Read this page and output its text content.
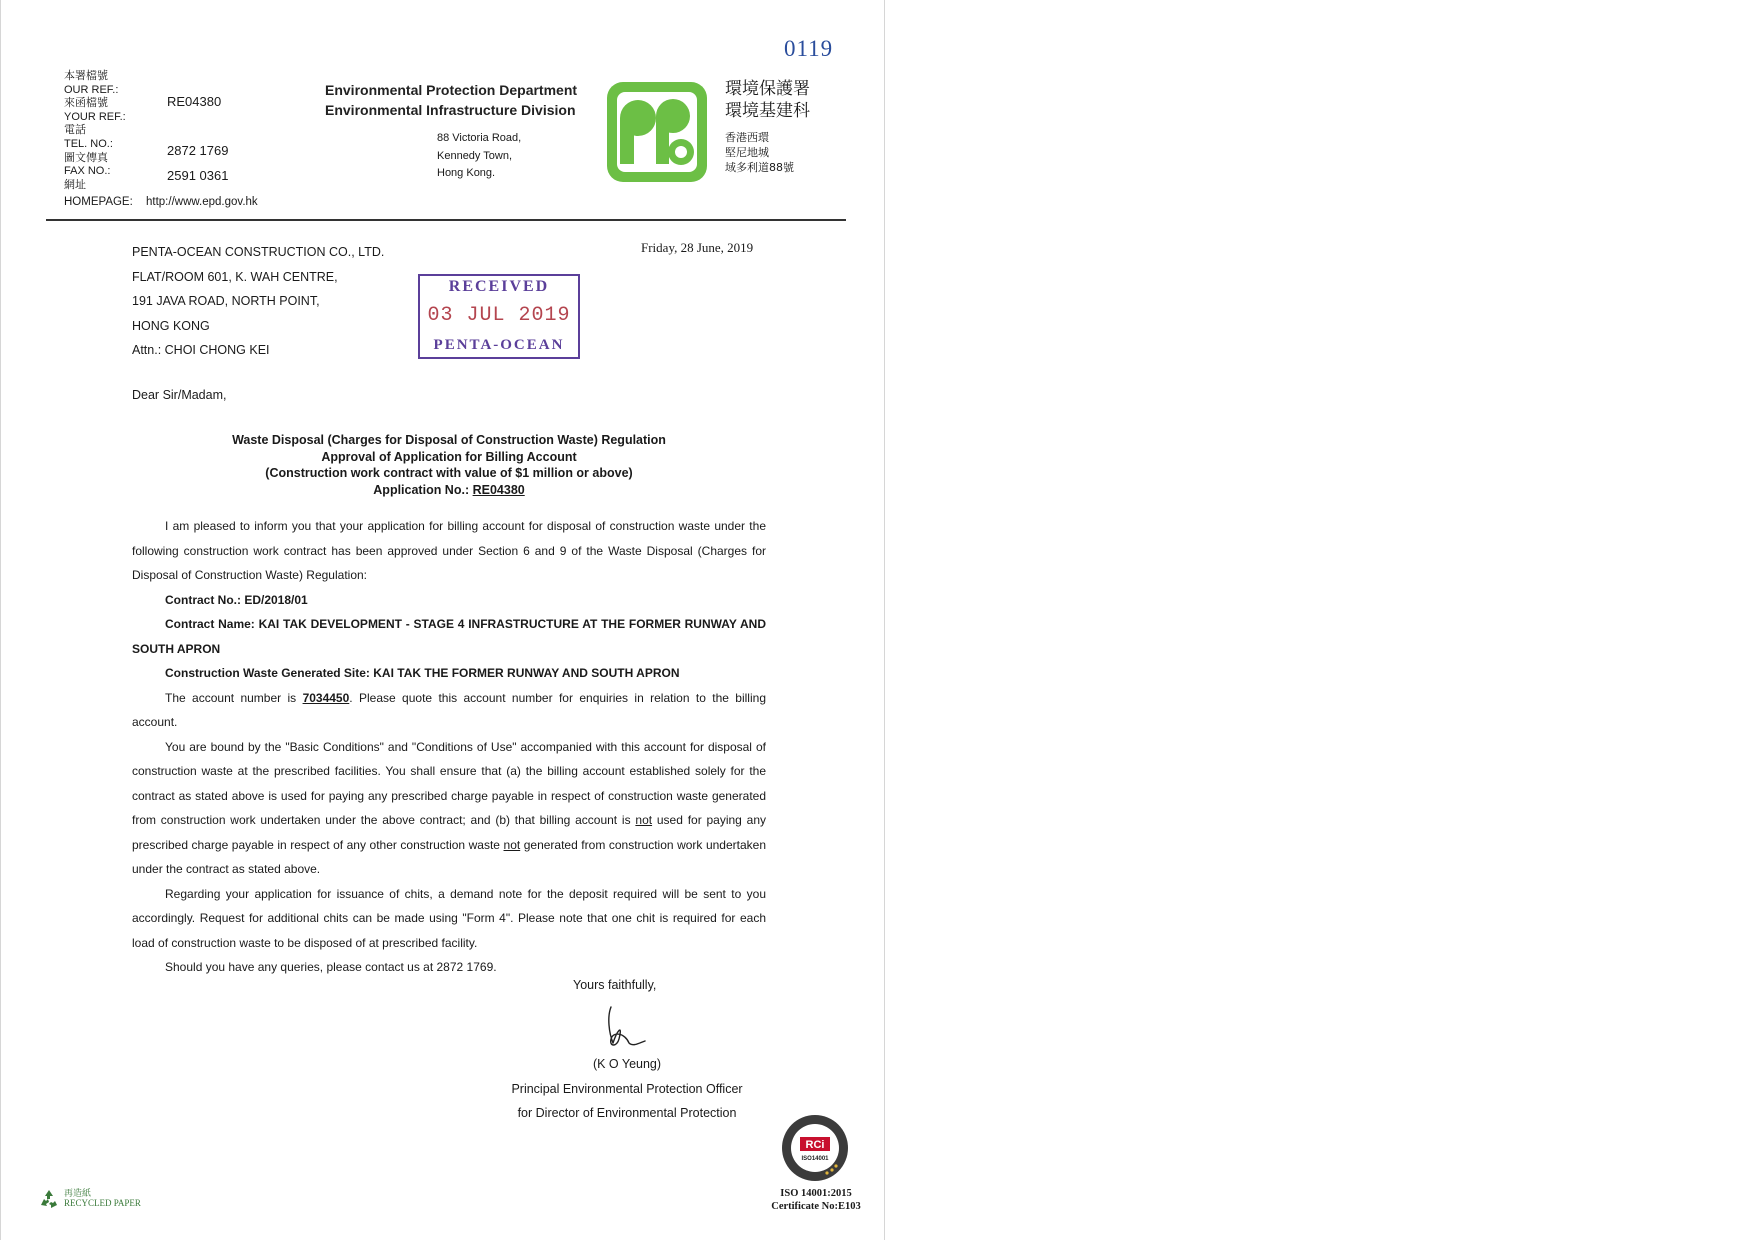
0119
本署檔號
OUR REF.:
來函檔號
YOUR REF.:
電話
TEL. NO.:
圖文傳真
FAX NO.:
網址
RE04380
2872 1769
2591 0361
HOMEPAGE: http://www.epd.gov.hk
Environmental Protection Department
Environmental Infrastructure Division
88 Victoria Road,
Kennedy Town,
Hong Kong.
環境保護署
環境基建科
香港西環
堅尼地城
域多利道88號
PENTA-OCEAN CONSTRUCTION CO., LTD.
FLAT/ROOM 601, K. WAH CENTRE,
191 JAVA ROAD, NORTH POINT,
HONG KONG
Attn.: CHOI CHONG KEI
Friday, 28 June, 2019
RECEIVED
03 JUL 2019
PENTA-OCEAN
Dear Sir/Madam,
Waste Disposal (Charges for Disposal of Construction Waste) Regulation
Approval of Application for Billing Account
(Construction work contract with value of $1 million or above)
Application No.: RE04380

I am pleased to inform you that your application for billing account for disposal of construction waste under the following construction work contract has been approved under Section 6 and 9 of the Waste Disposal (Charges for Disposal of Construction Waste) Regulation:

Contract No.: ED/2018/01

Contract Name: KAI TAK DEVELOPMENT - STAGE 4 INFRASTRUCTURE AT THE FORMER RUNWAY AND SOUTH APRON

Construction Waste Generated Site: KAI TAK THE FORMER RUNWAY AND SOUTH APRON

The account number is 7034450. Please quote this account number for enquiries in relation to the billing account.

You are bound by the "Basic Conditions" and "Conditions of Use" accompanied with this account for disposal of construction waste at the prescribed facilities. You shall ensure that (a) the billing account established solely for the contract as stated above is used for paying any prescribed charge payable in respect of construction waste generated from construction work undertaken under the above contract; and (b) that billing account is not used for paying any prescribed charge payable in respect of any other construction waste not generated from construction work undertaken under the contract as stated above.

Regarding your application for issuance of chits, a demand note for the deposit required will be sent to you accordingly. Request for additional chits can be made using "Form 4". Please note that one chit is required for each load of construction waste to be disposed of at prescribed facility.

Should you have any queries, please contact us at 2872 1769.

Yours faithfully,
(K O Yeung)
Principal Environmental Protection Officer
for Director of Environmental Protection
RCi
ISO14001
ISO 14001:2015
Certificate No:E103
再造紙
RECYCLED PAPER
